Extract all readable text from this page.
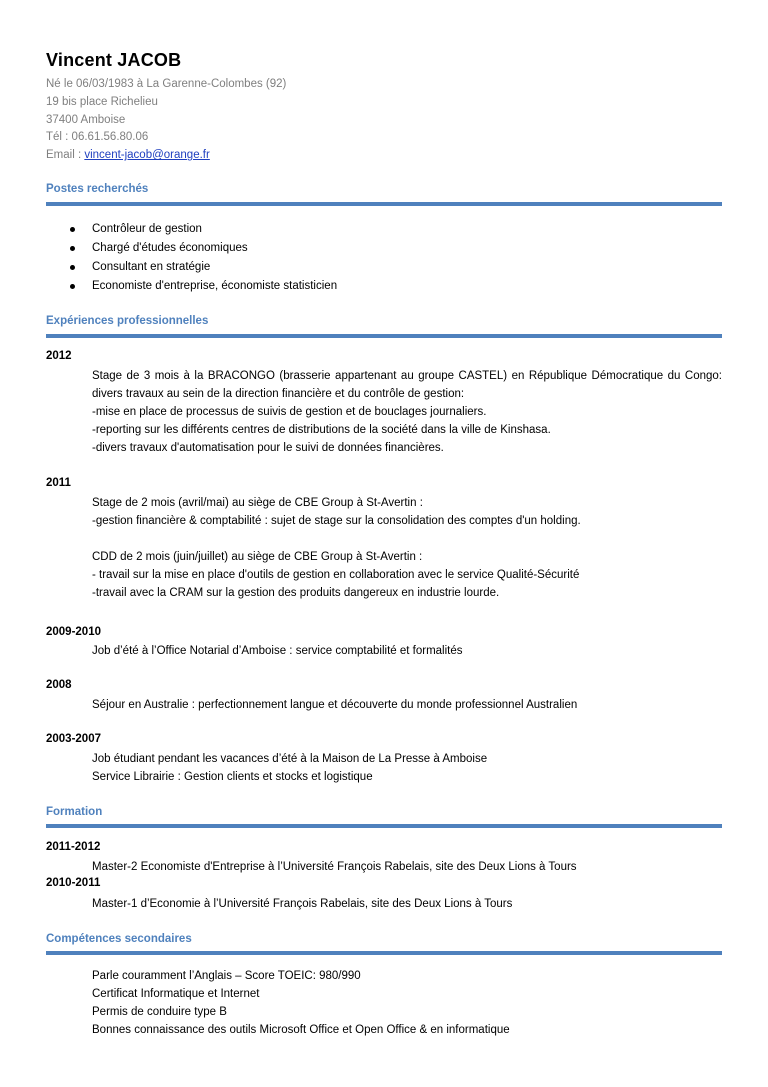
Vincent JACOB
Né le 06/03/1983 à La Garenne-Colombes (92)
19 bis place Richelieu
37400 Amboise
Tél : 06.61.56.80.06
Email : vincent-jacob@orange.fr
Postes recherchés
Contrôleur de gestion
Chargé d'études économiques
Consultant en stratégie
Economiste d'entreprise, économiste statisticien
Expériences professionnelles
2012
Stage de 3 mois à la BRACONGO (brasserie appartenant au groupe CASTEL) en République Démocratique du Congo: divers travaux au sein de la direction financière et du contrôle de gestion:
-mise en place de processus de suivis de gestion et de bouclages journaliers.
-reporting sur les différents centres de distributions de la société dans la ville de Kinshasa.
-divers travaux d'automatisation pour le suivi de données financières.
2011
Stage de 2 mois (avril/mai) au siège de CBE Group à St-Avertin :
-gestion financière & comptabilité : sujet de stage sur la consolidation des comptes d'un holding.
CDD de 2 mois (juin/juillet) au siège de CBE Group à St-Avertin :
- travail sur la mise en place d'outils de gestion en collaboration avec le service Qualité-Sécurité
-travail avec la CRAM sur la gestion des produits dangereux en industrie lourde.
2009-2010
Job d’été à l’Office Notarial d’Amboise : service comptabilité et formalités
2008
Séjour en Australie : perfectionnement langue et découverte du monde professionnel Australien
2003-2007
Job étudiant pendant les vacances d’été à la Maison de La Presse à Amboise
Service Librairie : Gestion clients et stocks et logistique
Formation
2011-2012
Master-2 Economiste d'Entreprise à l’Université François Rabelais, site des Deux Lions à Tours
2010-2011
Master-1 d’Economie à l’Université François Rabelais, site des Deux Lions à Tours
Compétences secondaires
Parle couramment l’Anglais – Score TOEIC: 980/990
Certificat Informatique et Internet
Permis de conduire type B
Bonnes connaissance des outils Microsoft Office et Open Office & en informatique
